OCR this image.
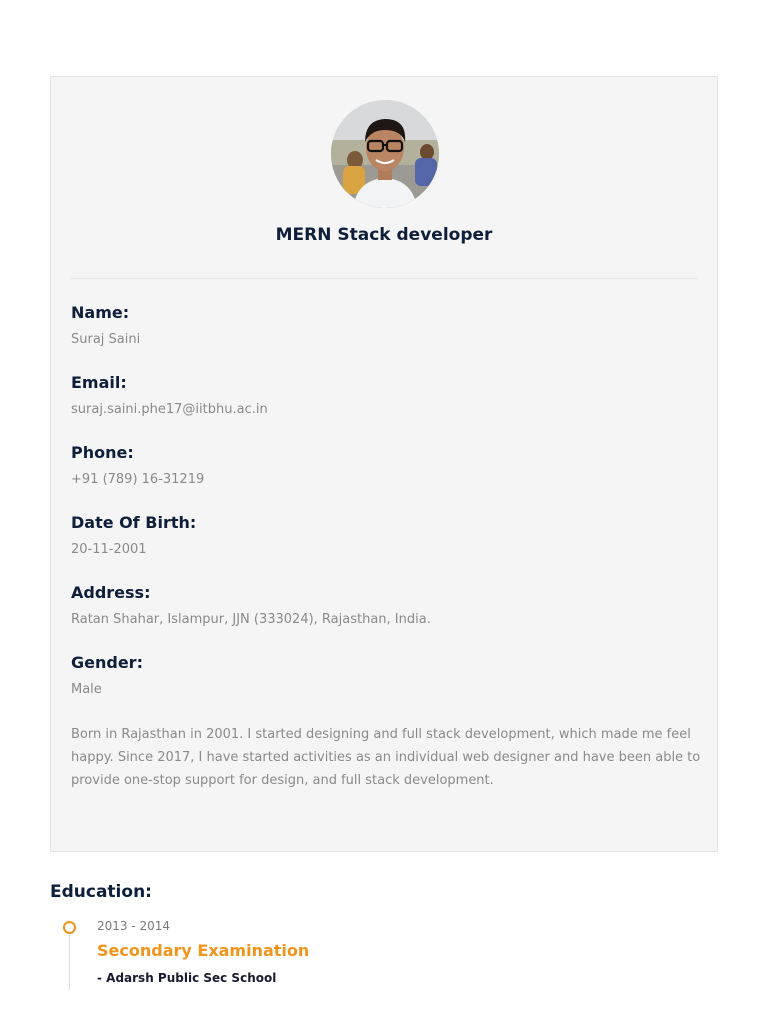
MERN Stack developer
Name:
Suraj Saini
Email:
suraj.saini.phe17@iitbhu.ac.in
Phone:
+91 (789) 16-31219
Date Of Birth:
20-11-2001
Address:
Ratan Shahar, Islampur, JJN (333024), Rajasthan, India.
Gender:
Male
Born in Rajasthan in 2001. I started designing and full stack development, which made me feel happy. Since 2017, I have started activities as an individual web designer and have been able to provide one-stop support for design, and full stack development.
Education:
2013 - 2014
Secondary Examination
- Adarsh Public Sec School
